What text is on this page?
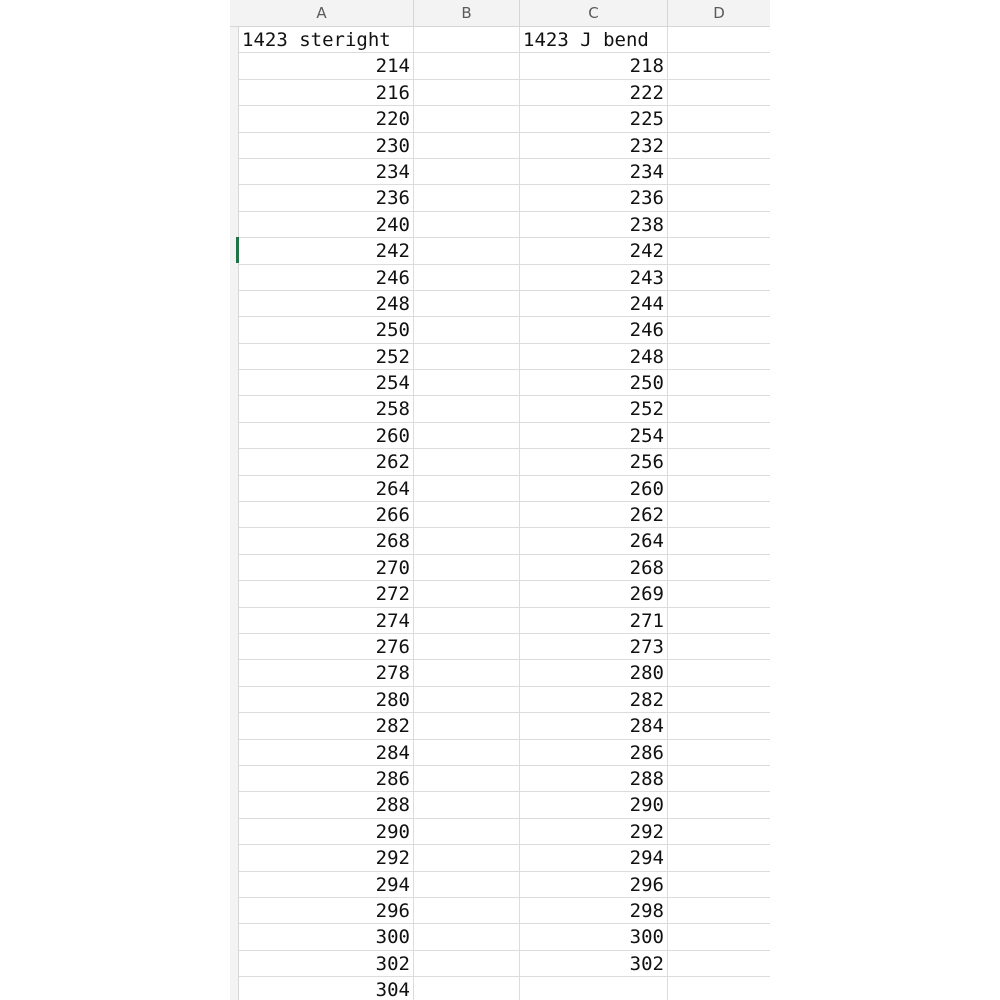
A	B	C	D
1423 steright	1423 J bend
214	218
216	222
220	225
230	232
234	234
236	236
240	238
242	242
246	243
248	244
250	246
252	248
254	250
258	252
260	254
262	256
264	260
266	262
268	264
270	268
272	269
274	271
276	273
278	280
280	282
282	284
284	286
286	288
288	290
290	292
292	294
294	296
296	298
300	300
302	302
304
